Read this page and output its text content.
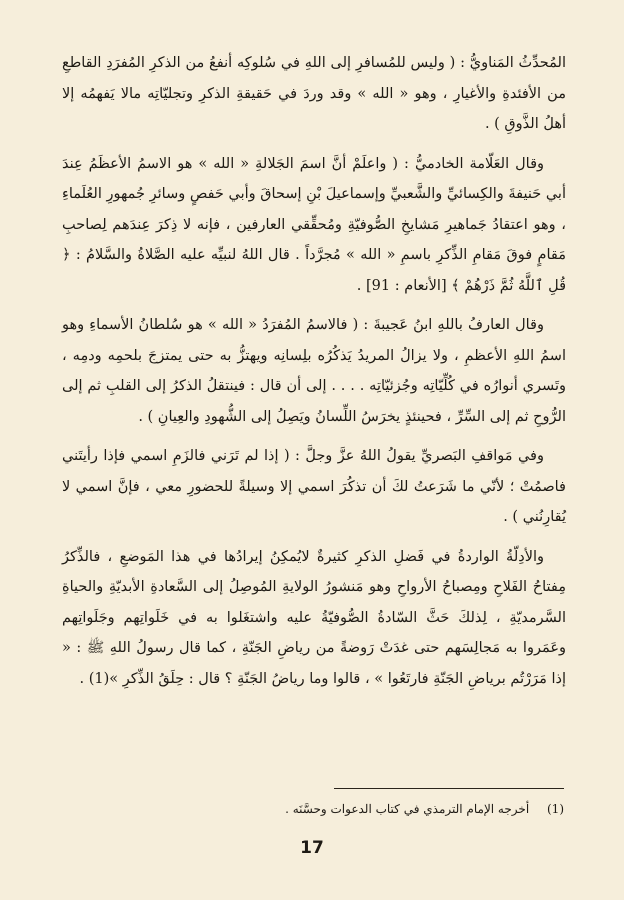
المُحدِّثُ المَناويُّ : ( وليس للمُسافرِ إلى اللهِ في سُلوكِه أنفعُ من الذكرِ المُفرَدِ القاطعِ من الأفئدةِ والأغيارِ ، وهو « الله » وقد وردَ في حَقيقةِ الذكرِ وتجليّاتِه مالا يَفهمُه إلا أهلُ الذَّوقِ ) .

وقال العَلّامة الخادميُّ : ( واعلَمْ أنَّ اسمَ الجَلالةِ « الله » هو الاسمُ الأعظَمُ عِندَ أبي حَنيفةَ والكِسائيِّ والشَّعبيِّ وإسماعيلَ بْنِ إسحاقَ وأبي حَفصٍ وسائرِ جُمهورِ العُلَماءِ ، وهو اعتقادُ جَماهيرِ مَشايخِ الصُّوفيّةِ ومُحقِّقي العارفين ، فإنه لا ذِكرَ عِندَهم لِصاحبِ مَقامٍ فوقَ مَقامِ الذِّكرِ باسمِ « الله » مُجرَّداً . قال اللهُ لنبيِّه عليه الصَّلاةُ والسَّلامُ : ﴿ قُلِ ٱللَّهُ ثُمَّ ذَرْهُمْ ﴾ [الأنعام : 91] .

وقال العارفُ باللهِ ابنُ عَجيبةَ : ( فالاسمُ المُفرَدُ « الله » هو سُلطانُ الأسماءِ وهو اسمُ اللهِ الأعظمِ ، ولا يزالُ المريدُ يَذكُرُه بلِسانِه ويهتزُّ به حتى يمتزجَ بلحمِه ودمِه ، وتَسري أنوارُه في كُلِّيّاتِه وجُزئيّاتِه . . . . إلى أن قال : فينتقلُ الذكرُ إلى القلبِ ثم إلى الرُّوحِ ثم إلى السِّرِّ ، فحينئذٍ يخرَسُ اللِّسانُ ويَصِلُ إلى الشُّهودِ والعِيانِ ) .

وفي مَواقفِ البَصريِّ يقولُ اللهُ عزَّ وجلَّ : ( إذا لم تَرَني فالزَمِ اسمي فإذا رأيتَني فاصمُتْ ؛ لأنّي ما شَرَعتُ لكَ أن تذكُرَ اسمي إلا وسيلةً للحضورِ معي ، فإنَّ اسمي لا يُقارِنُني ) .

والأدِلّةُ الواردةُ في فَضلِ الذكرِ كثيرةٌ لايُمكِنُ إيرادُها في هذا المَوضعِ ، فالذِّكرُ مِفتاحُ الفَلاحِ ومِصباحُ الأرواحِ وهو مَنشورُ الولايةِ المُوصِلُ إلى السَّعادةِ الأبديّةِ والحياةِ السَّرمديّةِ ، لِذلكَ حَثَّ السّادةُ الصُّوفيّةُ عليه واشتغَلوا به في خَلَواتِهم وجَلَواتِهم وعَمَروا به مَجالِسَهم حتى غدَتْ رَوضةً من رياضِ الجَنّةِ ، كما قال رسولُ اللهِ ﷺ : « إذا مَرَرْتُم برياضِ الجَنّةِ فارتَعُوا » ، قالوا وما رياضُ الجَنّةِ ؟ قال : حِلَقُ الذِّكرِ »(1) .

(1) أخرجه الإمام الترمذي في كتاب الدعوات وحسَّنَه .
17
